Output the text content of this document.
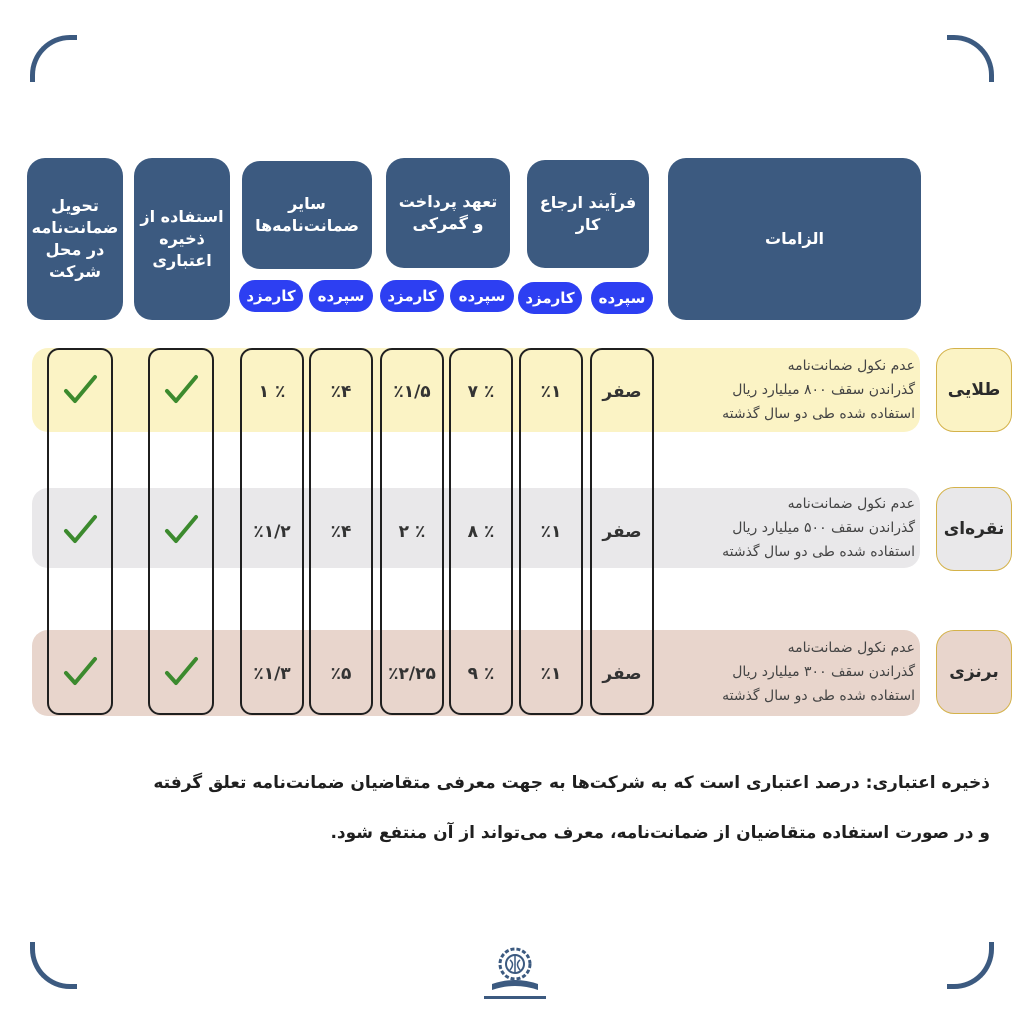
الزامات
فرآیند ارجاع کار
تعهد پرداخت و گمرکی
سایر ضمانت‌نامه‌ها
استفاده از ذخیره اعتباری
تحویل ضمانت‌نامه در محل شرکت
سپرده
کارمزد
سپرده
کارمزد
سپرده
کارمزد
طلایی
نقره‌ای
برنزی
عدم نکول ضمانت‌نامه
گذراندن سقف ۸۰۰ میلیارد ریال
استفاده شده طی دو سال گذشته
عدم نکول ضمانت‌نامه
گذراندن سقف ۵۰۰ میلیارد ریال
استفاده شده طی دو سال گذشته
عدم نکول ضمانت‌نامه
گذراندن سقف ۳۰۰ میلیارد ریال
استفاده شده طی دو سال گذشته
صفر
٪۱
٪ ۷
٪۱/۵
٪۴
٪ ۱
صفر
٪۱
٪ ۸
٪ ۲
٪۴
٪۱/۲
صفر
٪۱
٪ ۹
٪۲/۲۵
٪۵
٪۱/۳
ذخیره اعتباری: درصد اعتباری است که به شرکت‌ها به جهت معرفی متقاضیان ضمانت‌نامه تعلق گرفته
و در صورت استفاده متقاضیان از ضمانت‌نامه، معرف می‌تواند از آن منتفع شود.
